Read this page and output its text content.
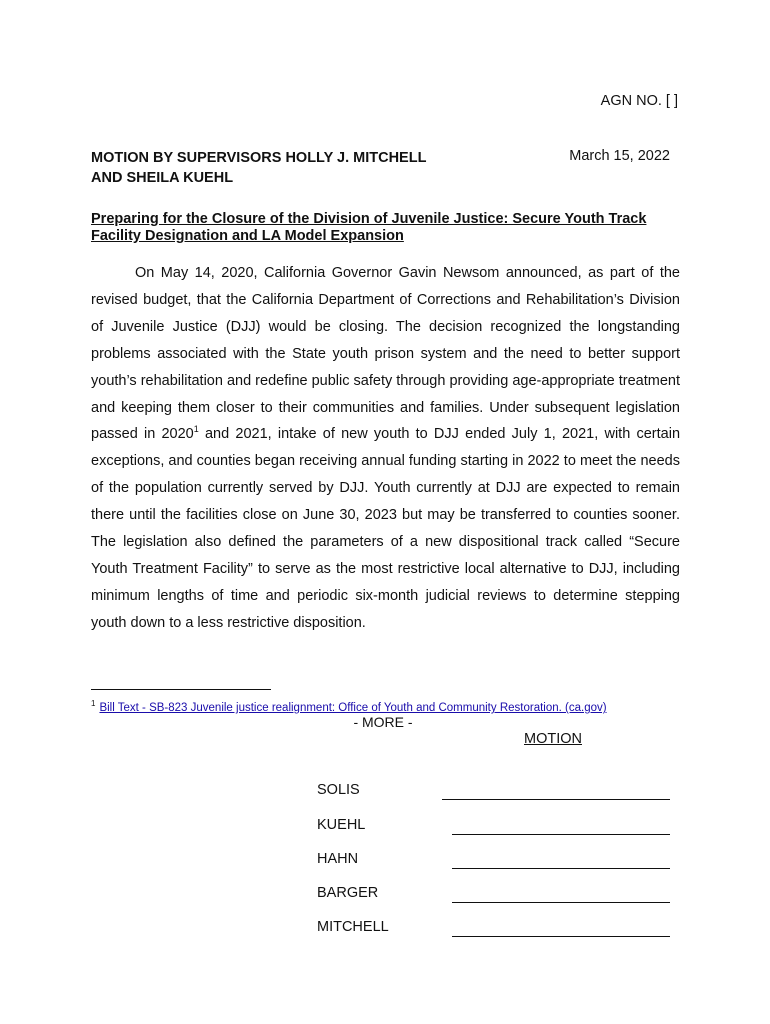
AGN NO. [ ]
MOTION BY SUPERVISORS HOLLY J. MITCHELL
AND SHEILA KUEHL
March 15, 2022
Preparing for the Closure of the Division of Juvenile Justice: Secure Youth Track Facility Designation and LA Model Expansion

On May 14, 2020, California Governor Gavin Newsom announced, as part of the revised budget, that the California Department of Corrections and Rehabilitation’s Division of Juvenile Justice (DJJ) would be closing. The decision recognized the longstanding problems associated with the State youth prison system and the need to better support youth’s rehabilitation and redefine public safety through providing age-appropriate treatment and keeping them closer to their communities and families. Under subsequent legislation passed in 2020$^1$ and 2021, intake of new youth to DJJ ended July 1, 2021, with certain exceptions, and counties began receiving annual funding starting in 2022 to meet the needs of the population currently served by DJJ. Youth currently at DJJ are expected to remain there until the facilities close on June 30, 2023 but may be transferred to counties sooner. The legislation also defined the parameters of a new dispositional track called “Secure Youth Treatment Facility” to serve as the most restrictive local alternative to DJJ, including minimum lengths of time and periodic six-month judicial reviews to determine stepping youth down to a less restrictive disposition.

$^1$ Bill Text - SB-823 Juvenile justice realignment: Office of Youth and Community Restoration. (ca.gov)
- MORE -
MOTION
SOLIS
KUEHL
HAHN
BARGER
MITCHELL
